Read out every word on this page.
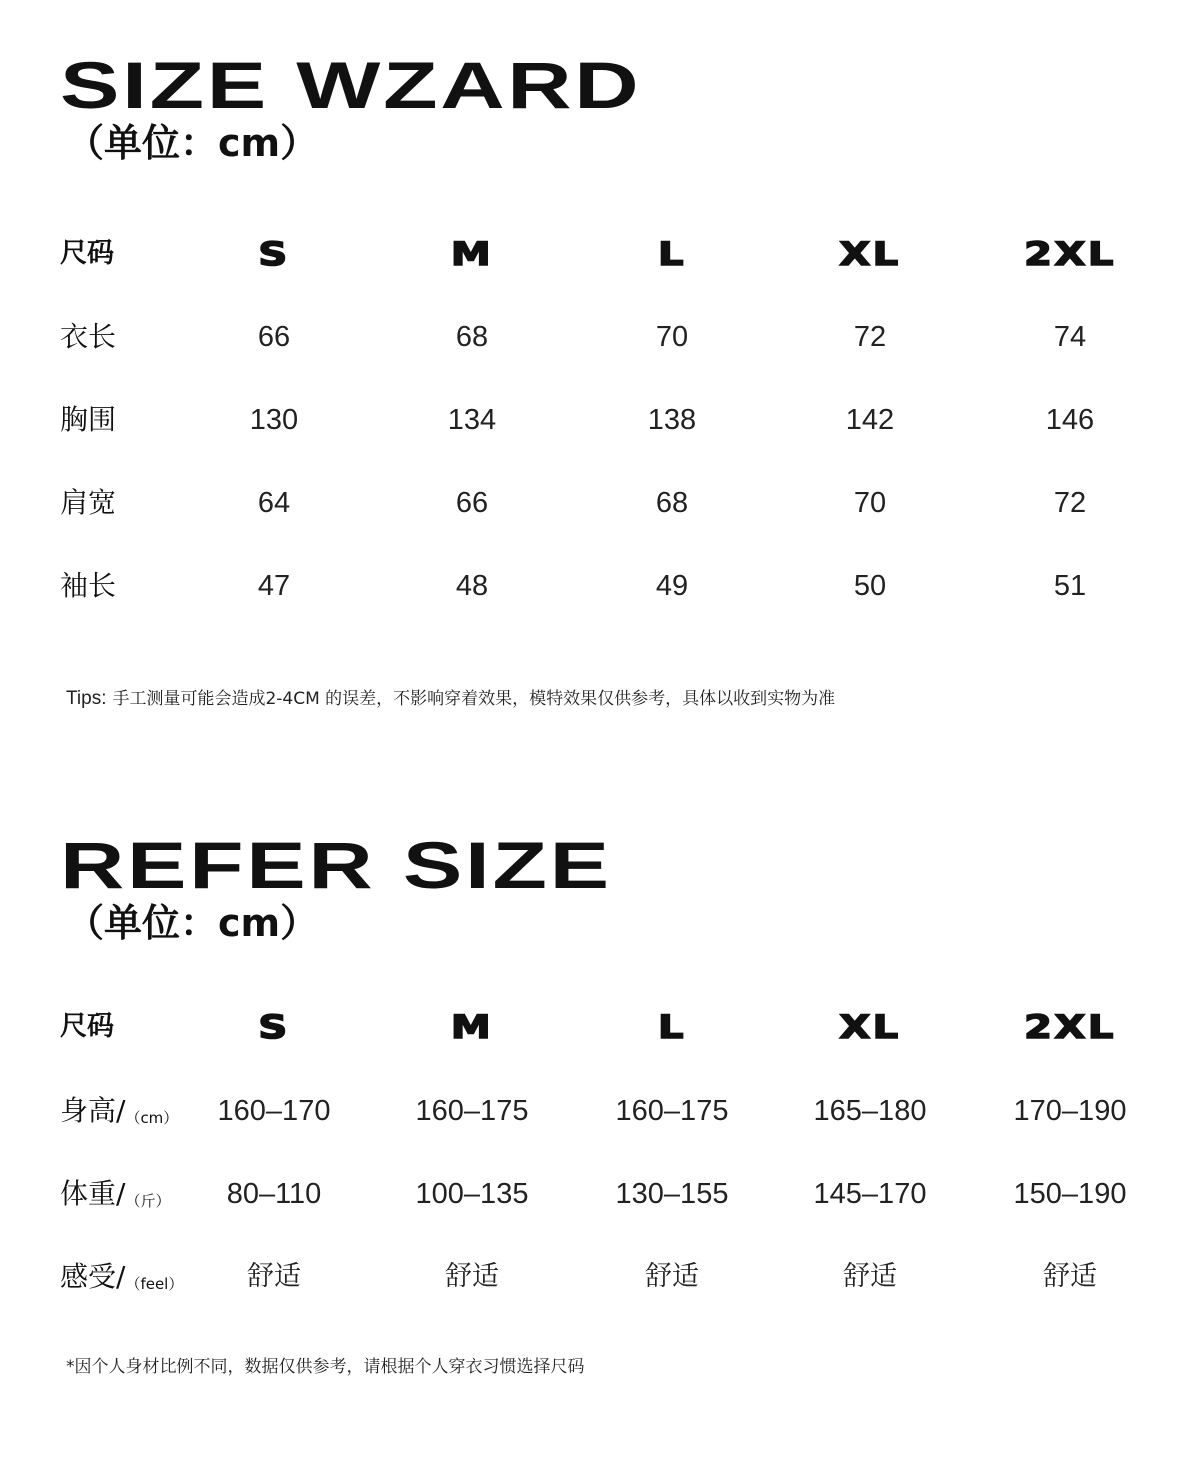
SIZE WZARD
（单位：cm）
尺码	S	M	L	XL	2XL
衣长	66	68	70	72	74
胸围	130	134	138	142	146
肩宽	64	66	68	70	72
袖长	47	48	49	50	51
Tips: 手工测量可能会造成2-4CM 的误差，不影响穿着效果，模特效果仅供参考，具体以收到实物为准
REFER SIZE
（单位：cm）
尺码	S	M	L	XL	2XL
身高$/_{(cm)}$	160–170	160–175	160–175	165–180	170–190
体重$/_{(斤)}$	80–110	100–135	130–155	145–170	150–190
感受$/_{(feel)}$	舒适	舒适	舒适	舒适	舒适
*因个人身材比例不同，数据仅供参考，请根据个人穿衣习惯选择尺码
